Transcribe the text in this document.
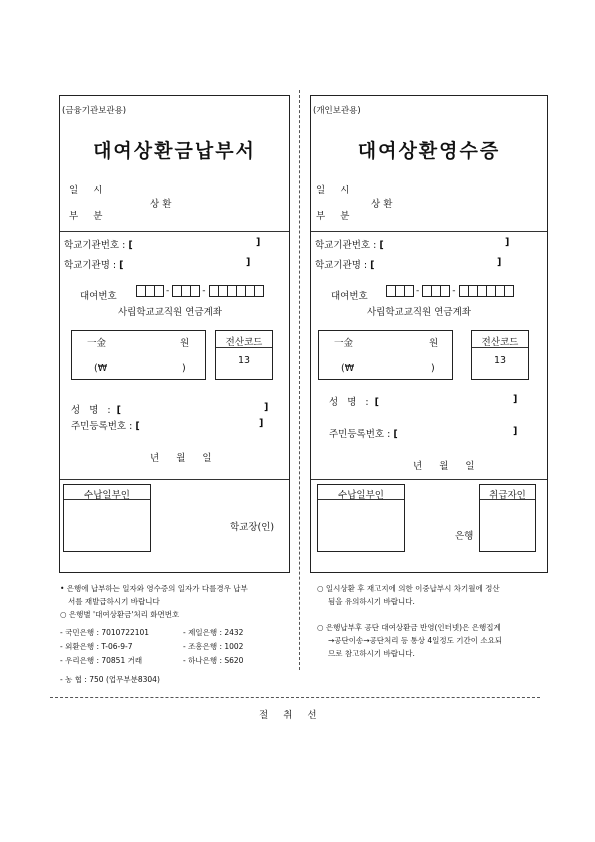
(금융기관보관용)
대여상환금납부서
일 시
상 환
부 분
학교기관번호 : [	]
학교기관명 : [	]
대여번호	-	-
사립학교교직원 연금계좌
一金	원
(₩	)
전산코드
13
성 명 : [	]
주민등록번호 : [	]
년 월 일
수납일부인
학교장(인)
(개인보관용)
대여상환영수증
일 시
상 환
부 분
학교기관번호 : [	]
학교기관명 : [	]
대여번호	-	-
사립학교교직원 연금계좌
一金	원
(₩	)
전산코드
13
성 명 : [	]
주민등록번호 : [	]
년 월 일
수납일부인
은행
취급자인
• 은행에 납부하는 일자와 영수증의 일자가 다를경우 납부
서를 재발급하시기 바랍니다
○ 은행별 '대여상환금'처리 화면번호
- 국민은행 : 7010722101	- 제일은행 : 2432
- 외환은행 : T-06-9-7	- 조흥은행 : 1002
- 우리은행 : 70851 거래	- 하나은행 : S620
- 농 협 : 750 (업무부분8304)
○ 일시상환 후 재고지에 의한 이중납부시 차기월에 정산
됨을 유의하시기 바랍니다.
○ 은행납부후 공단 대여상환금 반영(인터넷)은 은행집계
→공단이송→공단처리 등 통상 4일정도 기간이 소요되
므로 참고하시기 바랍니다.
절 취 선
